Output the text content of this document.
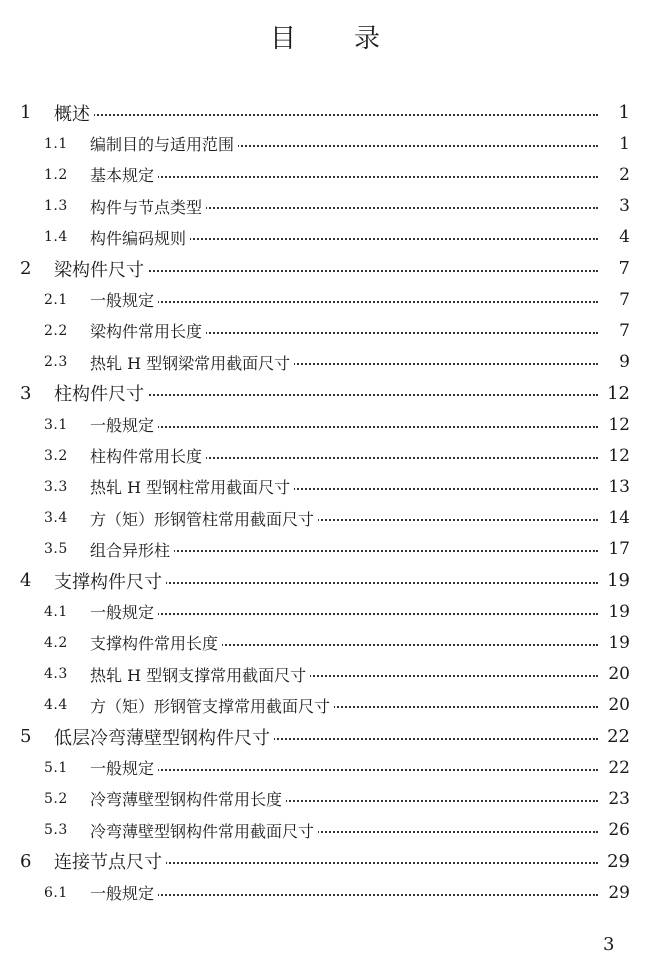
目 录
1 概述	1
1.1 编制目的与适用范围	1
1.2 基本规定	2
1.3 构件与节点类型	3
1.4 构件编码规则	4
2 梁构件尺寸	7
2.1 一般规定	7
2.2 梁构件常用长度	7
2.3 热轧 H 型钢梁常用截面尺寸	9
3 柱构件尺寸	12
3.1 一般规定	12
3.2 柱构件常用长度	12
3.3 热轧 H 型钢柱常用截面尺寸	13
3.4 方（矩）形钢管柱常用截面尺寸	14
3.5 组合异形柱	17
4 支撑构件尺寸	19
4.1 一般规定	19
4.2 支撑构件常用长度	19
4.3 热轧 H 型钢支撑常用截面尺寸	20
4.4 方（矩）形钢管支撑常用截面尺寸	20
5 低层冷弯薄壁型钢构件尺寸	22
5.1 一般规定	22
5.2 冷弯薄壁型钢构件常用长度	23
5.3 冷弯薄壁型钢构件常用截面尺寸	26
6 连接节点尺寸	29
6.1 一般规定	29
3
